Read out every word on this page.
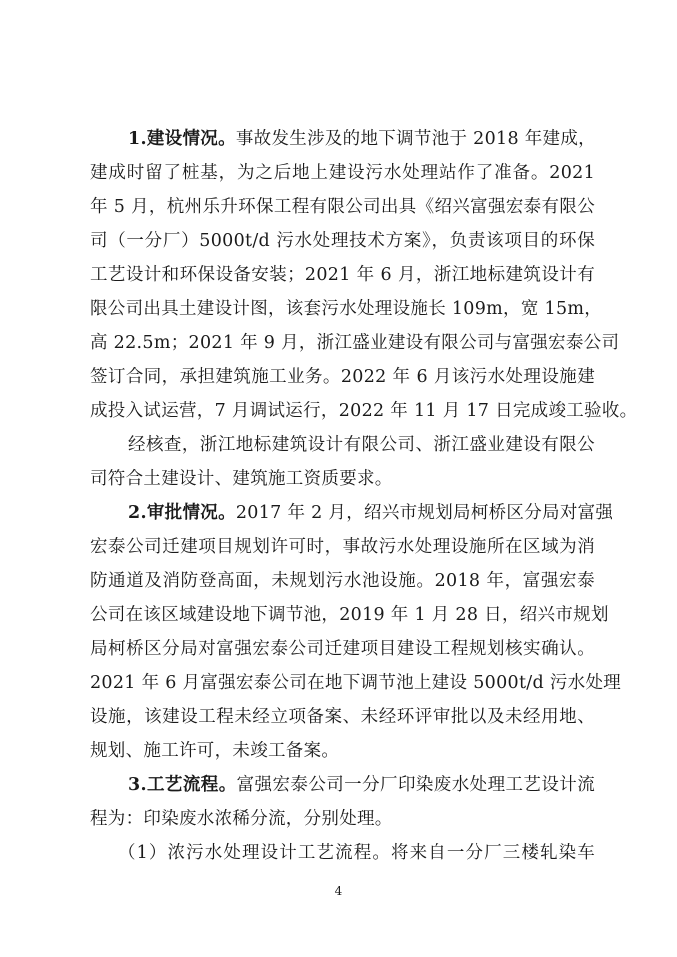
1.建设情况。事故发生涉及的地下调节池于 2018 年建成，
建成时留了桩基，为之后地上建设污水处理站作了准备。2021
年 5 月，杭州乐升环保工程有限公司出具《绍兴富强宏泰有限公
司（一分厂）5000t/d 污水处理技术方案》，负责该项目的环保
工艺设计和环保设备安装；2021 年 6 月，浙江地标建筑设计有
限公司出具土建设计图，该套污水处理设施长 109m，宽 15m，
高 22.5m；2021 年 9 月，浙江盛业建设有限公司与富强宏泰公司
签订合同，承担建筑施工业务。2022 年 6 月该污水处理设施建
成投入试运营，7 月调试运行，2022 年 11 月 17 日完成竣工验收。
经核查，浙江地标建筑设计有限公司、浙江盛业建设有限公
司符合土建设计、建筑施工资质要求。
2.审批情况。2017 年 2 月，绍兴市规划局柯桥区分局对富强
宏泰公司迁建项目规划许可时，事故污水处理设施所在区域为消
防通道及消防登高面，未规划污水池设施。2018 年，富强宏泰
公司在该区域建设地下调节池，2019 年 1 月 28 日，绍兴市规划
局柯桥区分局对富强宏泰公司迁建项目建设工程规划核实确认。
2021 年 6 月富强宏泰公司在地下调节池上建设 5000t/d 污水处理
设施，该建设工程未经立项备案、未经环评审批以及未经用地、
规划、施工许可，未竣工备案。
3.工艺流程。富强宏泰公司一分厂印染废水处理工艺设计流
程为：印染废水浓稀分流，分别处理。
（1）浓污水处理设计工艺流程。将来自一分厂三楼轧染车
4
